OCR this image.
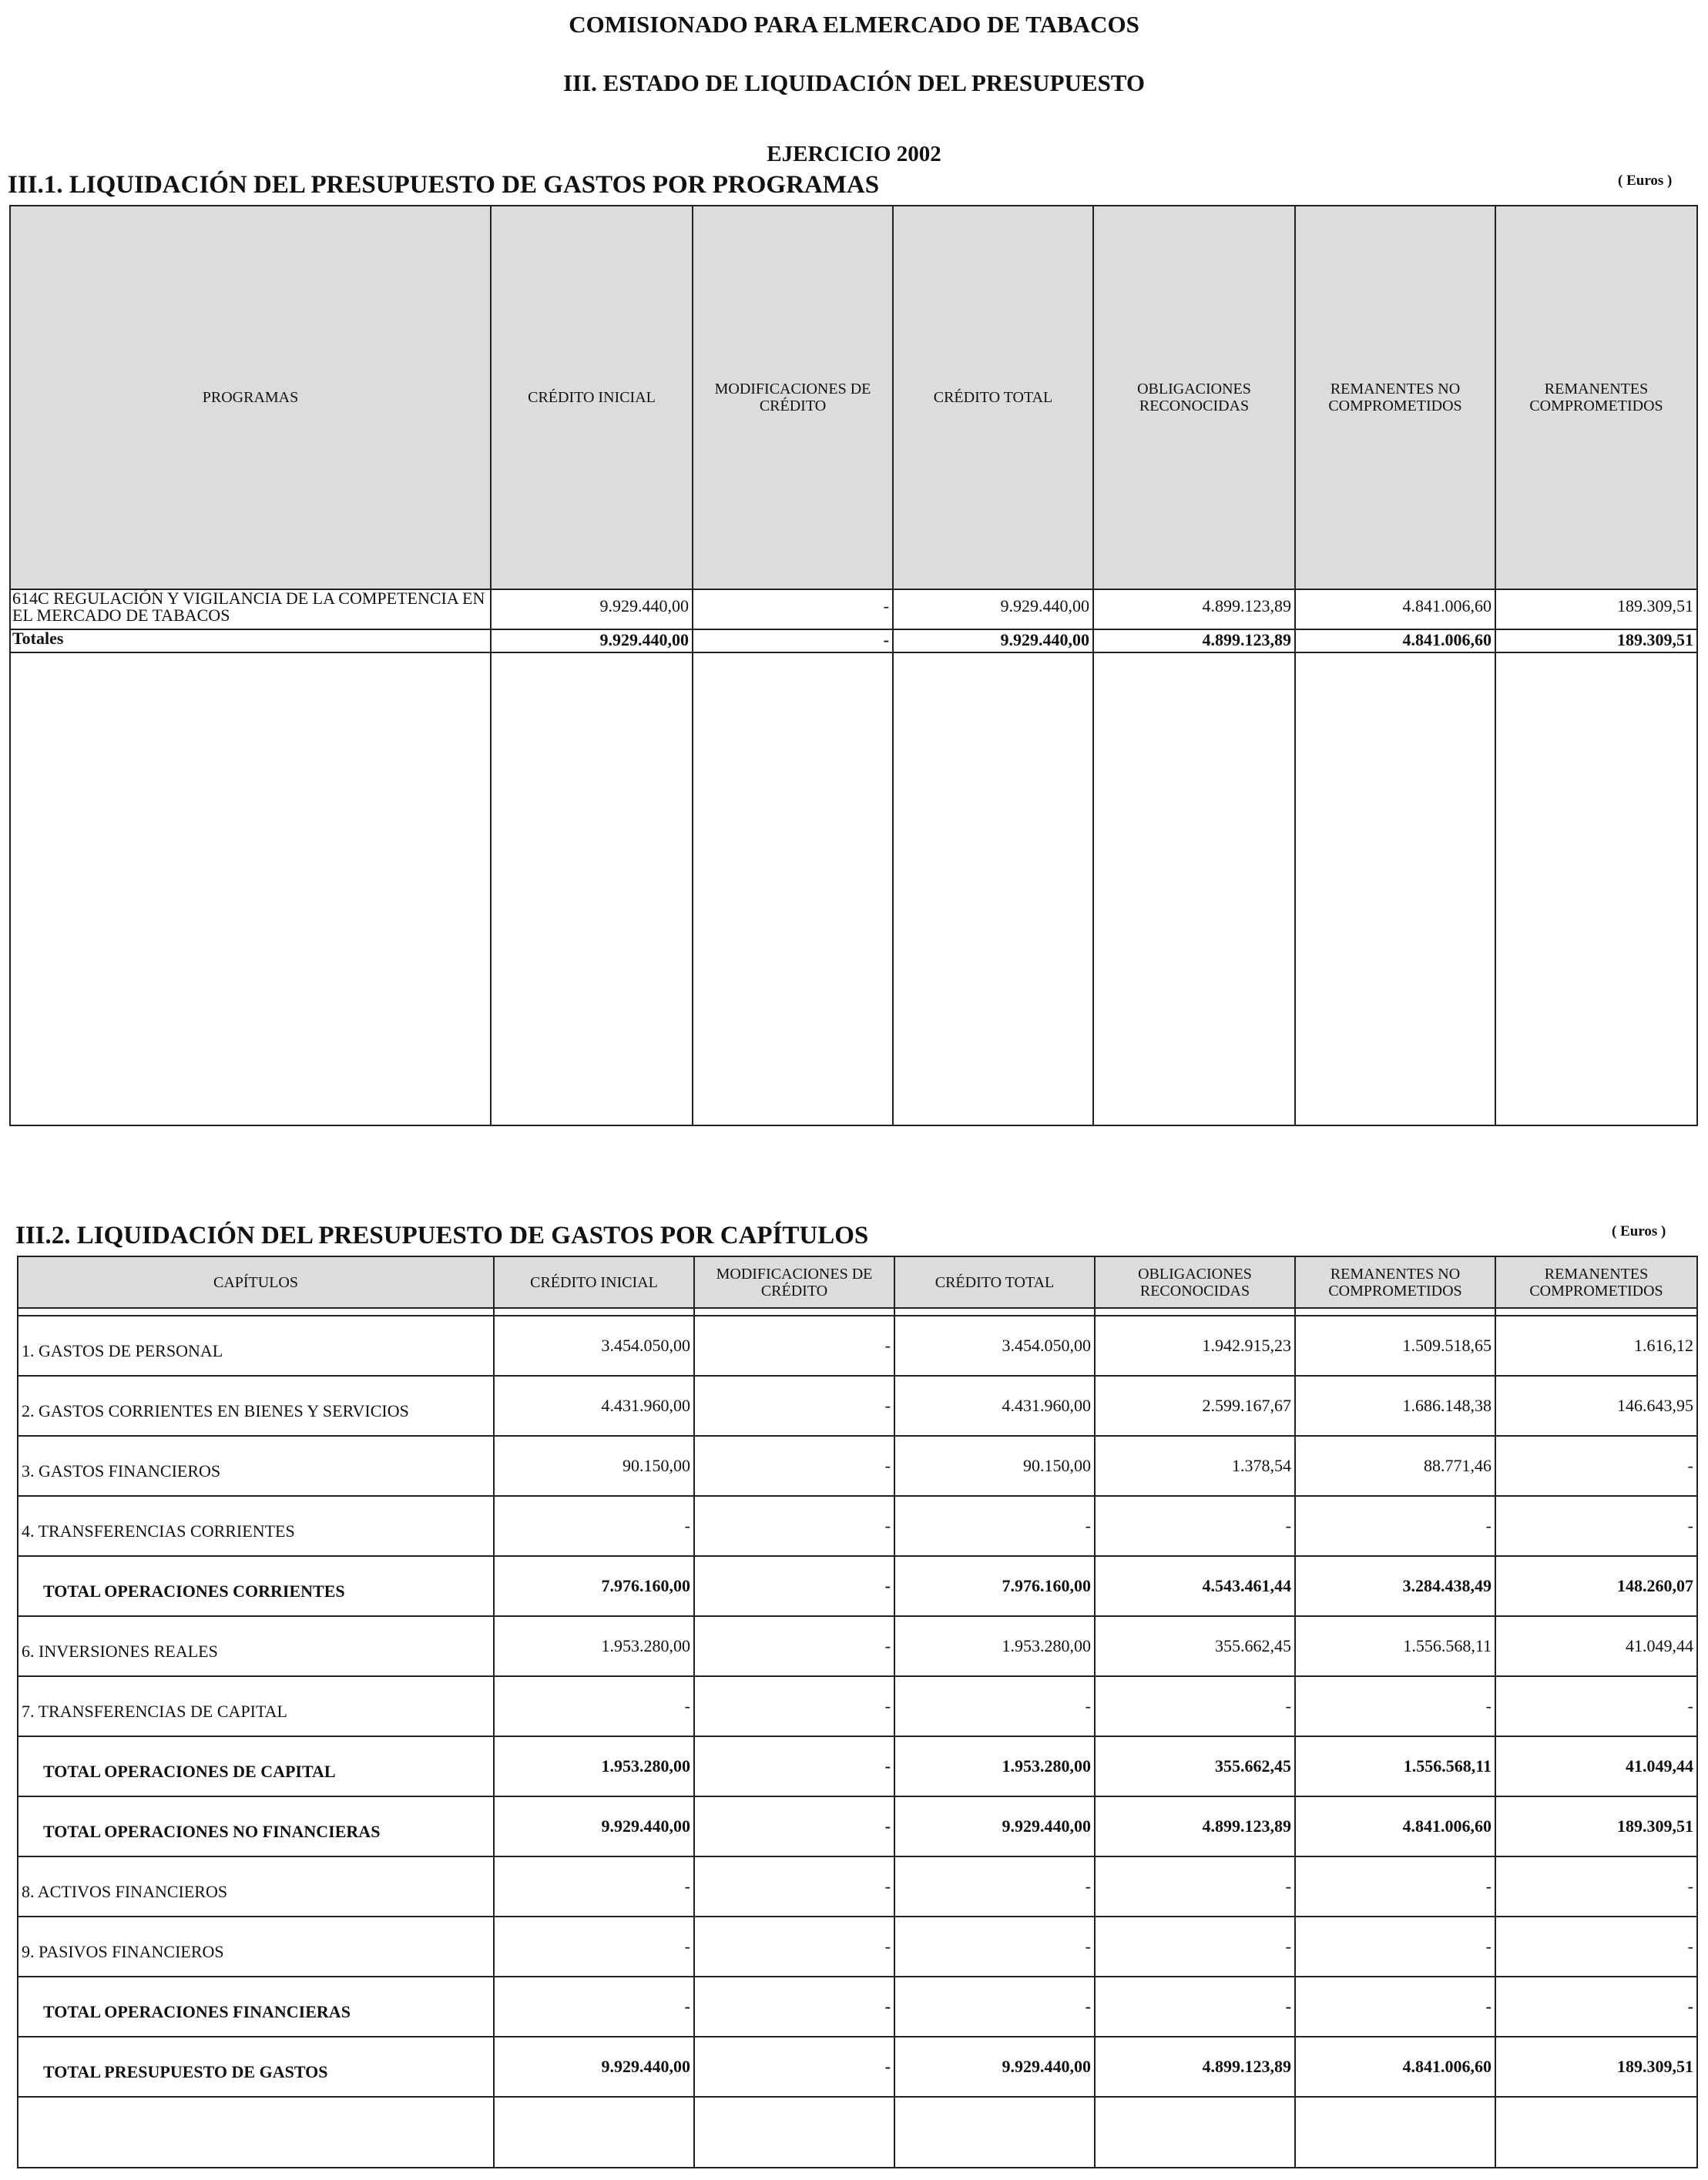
COMISIONADO PARA ELMERCADO DE TABACOS
III. ESTADO DE LIQUIDACIÓN DEL PRESUPUESTO
EJERCICIO 2002
III.1. LIQUIDACIÓN DEL PRESUPUESTO DE GASTOS POR PROGRAMAS	( Euros )
PROGRAMAS	CRÉDITO INICIAL	MODIFICACIONES DE CRÉDITO	CRÉDITO TOTAL	OBLIGACIONES RECONOCIDAS	REMANENTES NO COMPROMETIDOS	REMANENTES COMPROMETIDOS
614C REGULACIÓN Y VIGILANCIA DE LA COMPETENCIA EN EL MERCADO DE TABACOS	9.929.440,00	-	9.929.440,00	4.899.123,89	4.841.006,60	189.309,51
Totales	9.929.440,00	-	9.929.440,00	4.899.123,89	4.841.006,60	189.309,51

III.2. LIQUIDACIÓN DEL PRESUPUESTO DE GASTOS POR CAPÍTULOS	( Euros )
CAPÍTULOS	CRÉDITO INICIAL	MODIFICACIONES DE CRÉDITO	CRÉDITO TOTAL	OBLIGACIONES RECONOCIDAS	REMANENTES NO COMPROMETIDOS	REMANENTES COMPROMETIDOS

1. GASTOS DE PERSONAL	3.454.050,00	-	3.454.050,00	1.942.915,23	1.509.518,65	1.616,12
2. GASTOS CORRIENTES EN BIENES Y SERVICIOS	4.431.960,00	-	4.431.960,00	2.599.167,67	1.686.148,38	146.643,95
3. GASTOS FINANCIEROS	90.150,00	-	90.150,00	1.378,54	88.771,46	-
4. TRANSFERENCIAS CORRIENTES	-	-	-	-	-	-
TOTAL OPERACIONES CORRIENTES	7.976.160,00	-	7.976.160,00	4.543.461,44	3.284.438,49	148.260,07
6. INVERSIONES REALES	1.953.280,00	-	1.953.280,00	355.662,45	1.556.568,11	41.049,44
7. TRANSFERENCIAS DE CAPITAL	-	-	-	-	-	-
TOTAL OPERACIONES DE CAPITAL	1.953.280,00	-	1.953.280,00	355.662,45	1.556.568,11	41.049,44
TOTAL OPERACIONES NO FINANCIERAS	9.929.440,00	-	9.929.440,00	4.899.123,89	4.841.006,60	189.309,51
8. ACTIVOS FINANCIEROS	-	-	-	-	-	-
9. PASIVOS FINANCIEROS	-	-	-	-	-	-
TOTAL OPERACIONES FINANCIERAS	-	-	-	-	-	-
TOTAL PRESUPUESTO DE GASTOS	9.929.440,00	-	9.929.440,00	4.899.123,89	4.841.006,60	189.309,51
